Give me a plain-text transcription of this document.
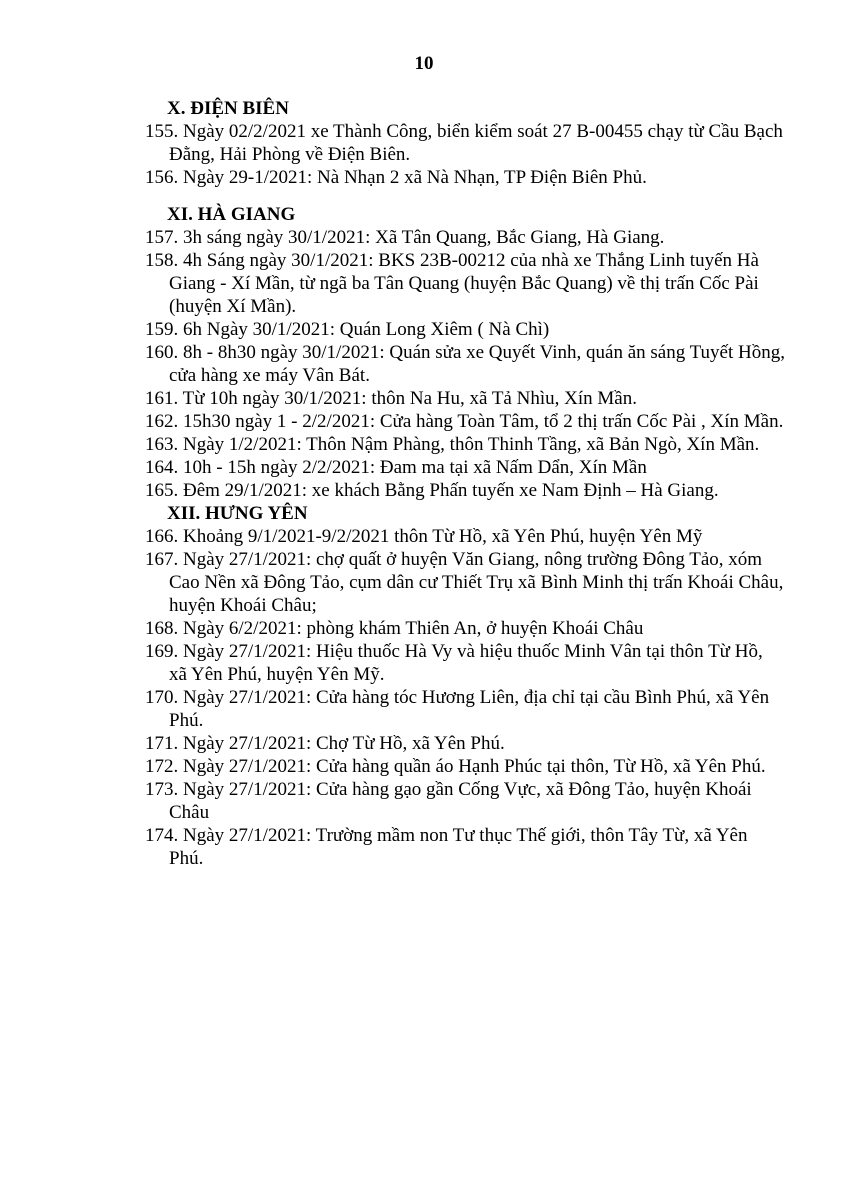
10
X. ĐIỆN BIÊN
155. Ngày 02/2/2021 xe Thành Công, biển kiểm soát 27 B-00455 chạy từ Cầu Bạch Đằng, Hải Phòng về Điện Biên.
156. Ngày 29-1/2021: Nà Nhạn 2 xã Nà Nhạn, TP Điện Biên Phủ.
XI. HÀ GIANG
157. 3h sáng ngày 30/1/2021: Xã Tân Quang, Bắc Giang, Hà Giang.
158. 4h Sáng ngày 30/1/2021: BKS 23B-00212 của nhà xe Thắng Linh tuyến Hà Giang - Xí Mần, từ ngã ba Tân Quang (huyện Bắc Quang) về thị trấn Cốc Pài (huyện Xí Mần).
159. 6h Ngày 30/1/2021: Quán Long Xiêm ( Nà Chì)
160. 8h - 8h30 ngày 30/1/2021: Quán sửa xe Quyết Vinh, quán ăn sáng Tuyết Hồng, cửa hàng xe máy Vân Bát.
161. Từ 10h ngày 30/1/2021: thôn Na Hu, xã Tả Nhìu, Xín Mần.
162. 15h30 ngày 1 - 2/2/2021: Cửa hàng Toàn Tâm, tổ 2 thị trấn Cốc Pài , Xín Mần.
163. Ngày 1/2/2021: Thôn Nậm Phàng, thôn Thinh Tầng, xã Bản Ngò, Xín Mần.
164. 10h - 15h ngày 2/2/2021: Đam ma tại xã Nấm Dẩn, Xín Mần
165. Đêm 29/1/2021: xe khách Bằng Phấn tuyến xe Nam Định – Hà Giang.
XII. HƯNG YÊN
166. Khoảng 9/1/2021-9/2/2021 thôn Từ Hồ, xã Yên Phú, huyện Yên Mỹ
167. Ngày 27/1/2021: chợ quất ở huyện Văn Giang, nông trường Đông Tảo, xóm Cao Nền xã Đông Tảo, cụm dân cư Thiết Trụ xã Bình Minh thị trấn Khoái Châu, huyện Khoái Châu;
168. Ngày 6/2/2021: phòng khám Thiên An, ở huyện Khoái Châu
169. Ngày 27/1/2021: Hiệu thuốc Hà Vy và hiệu thuốc Minh Vân tại thôn Từ Hồ, xã Yên Phú, huyện Yên Mỹ.
170. Ngày 27/1/2021: Cửa hàng tóc Hương Liên, địa chỉ tại cầu Bình Phú, xã Yên Phú.
171. Ngày 27/1/2021: Chợ Từ Hồ, xã Yên Phú.
172. Ngày 27/1/2021: Cửa hàng quần áo Hạnh Phúc tại thôn, Từ Hồ, xã Yên Phú.
173. Ngày 27/1/2021: Cửa hàng gạo gần Cống Vực, xã Đông Tảo, huyện Khoái Châu
174. Ngày 27/1/2021: Trường mầm non Tư thục Thế giới, thôn Tây Từ, xã Yên Phú.
